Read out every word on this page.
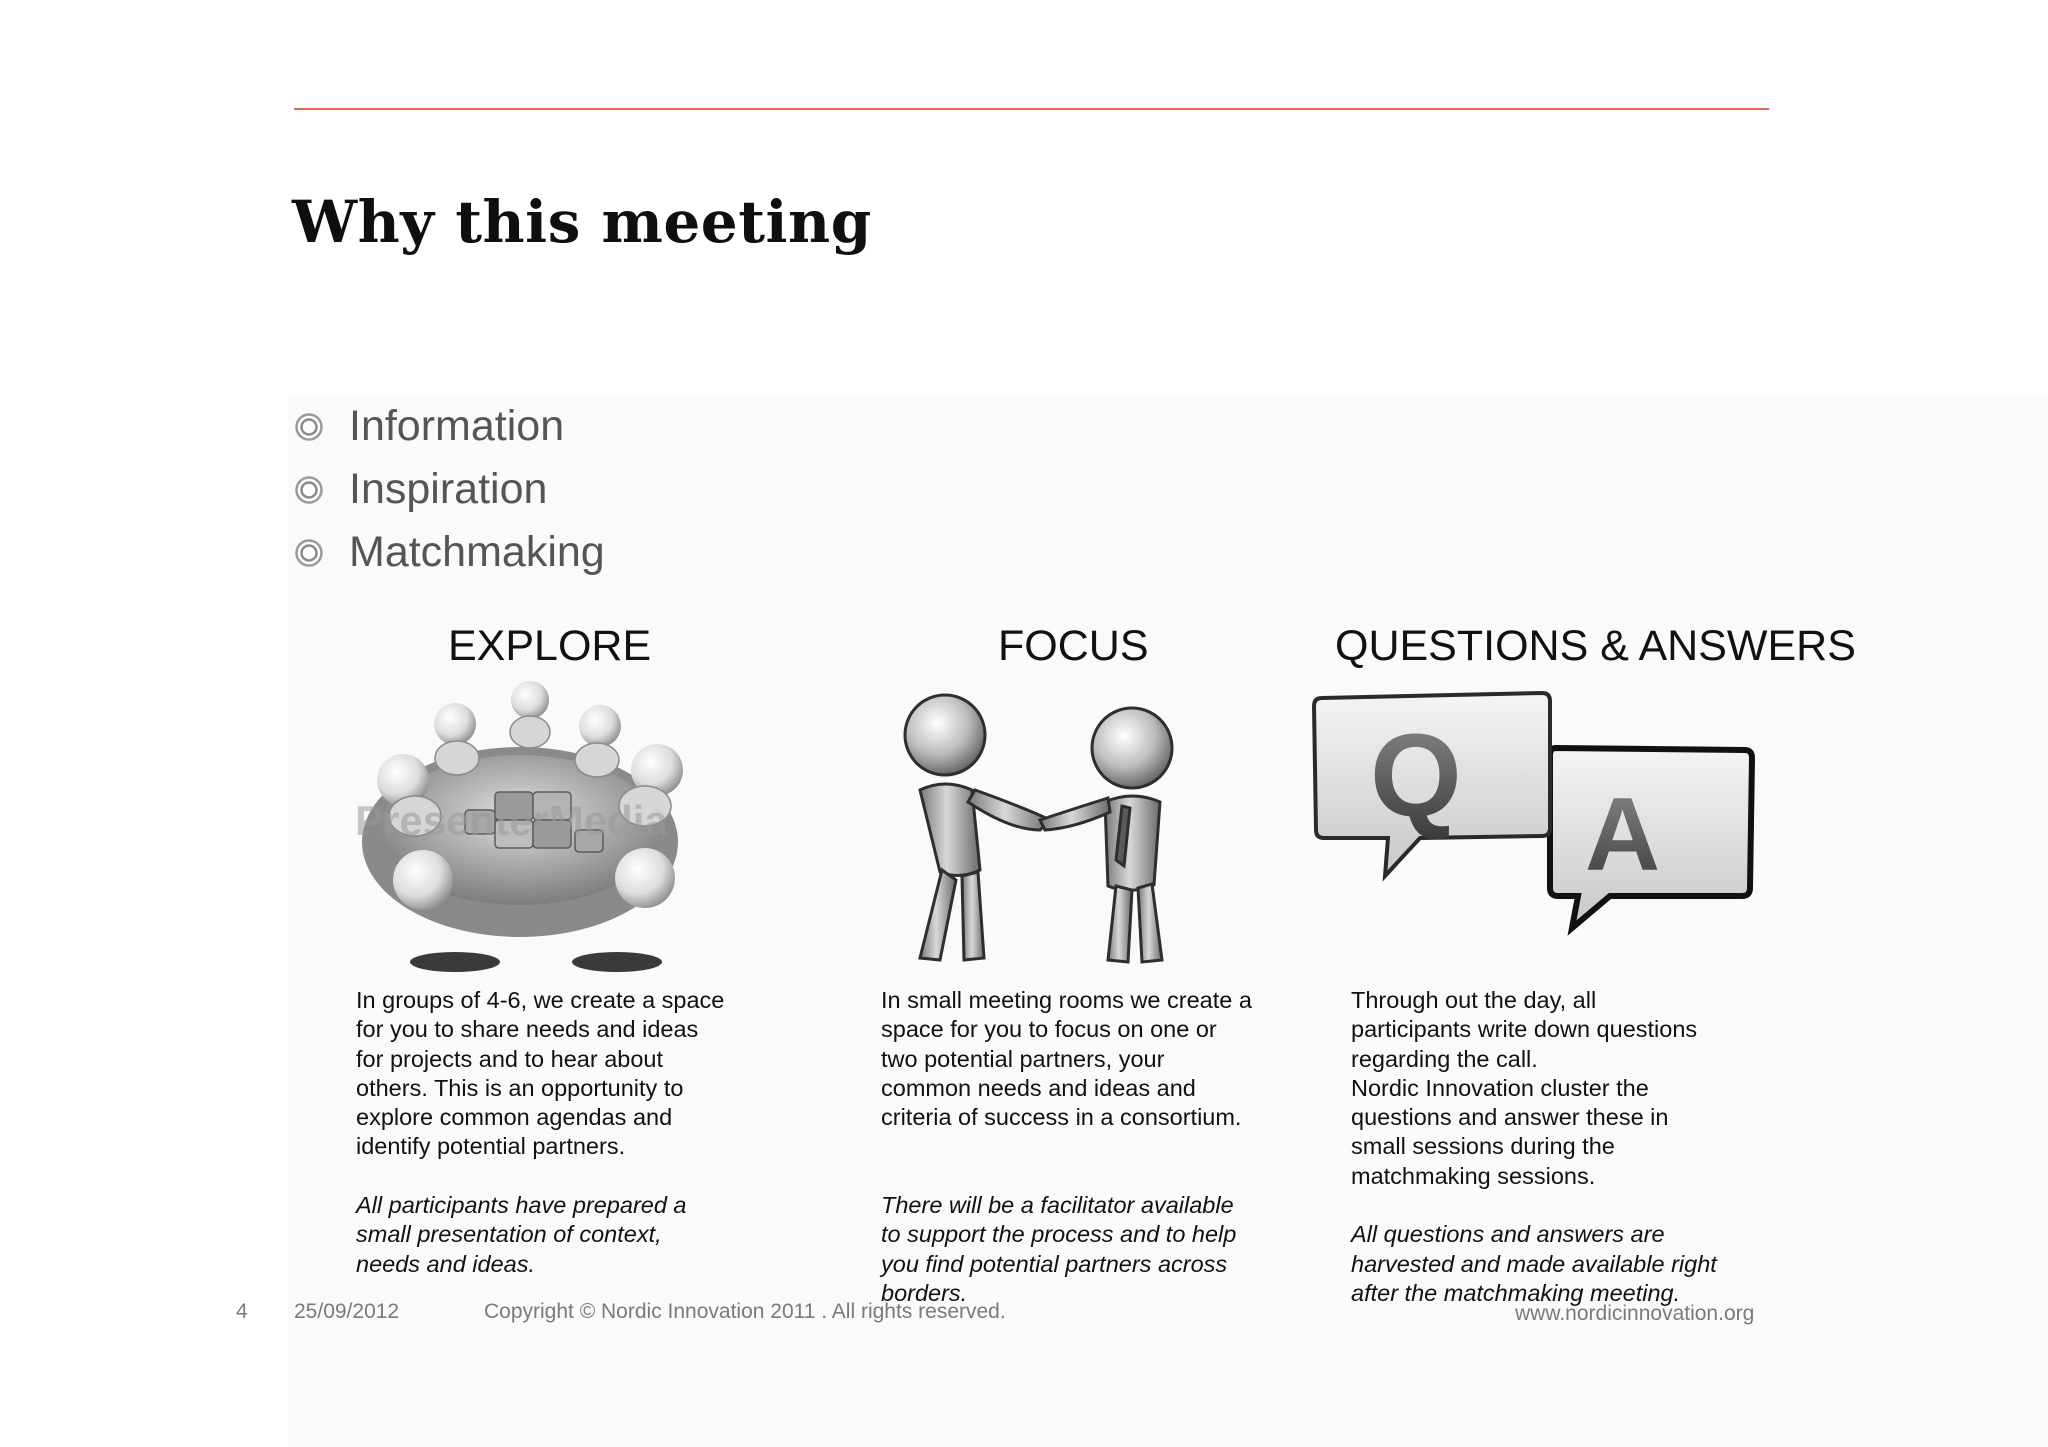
Why this meeting
Information
Inspiration
Matchmaking
EXPLORE	FOCUS	QUESTIONS & ANSWERS
PresenterMedia	Q A

In groups of 4-6, we create a space

for you to share needs and ideas

for projects and to hear about

others. This is an opportunity to

explore common agendas and

identify potential partners.

All participants have prepared a

small presentation of context,

needs and ideas.

In small meeting rooms we create a

space for you to focus on one or

two potential partners, your

common needs and ideas and

criteria of success in a consortium.

There will be a facilitator available

to support the process and to help

you find potential partners across

borders.

Through out the day, all

participants write down questions

regarding the call.

Nordic Innovation cluster the

questions and answer these in

small sessions during the

matchmaking sessions.

All questions and answers are

harvested and made available right

after the matchmaking meeting.

4 25/09/2012	Copyright © Nordic Innovation 2011 . All rights reserved.	www.nordicinnovation.org
